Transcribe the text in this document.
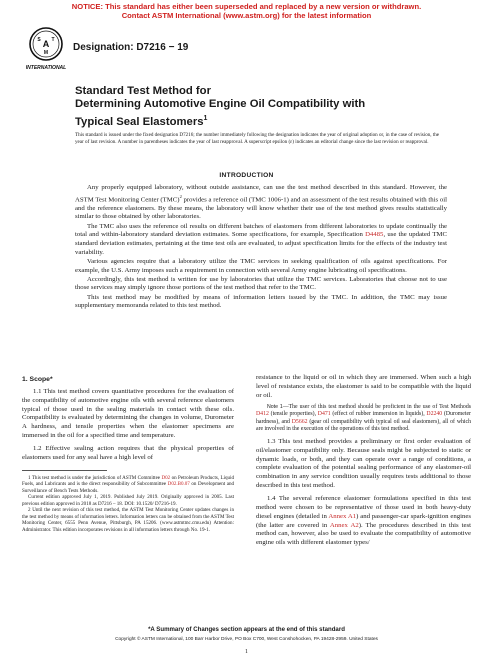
NOTICE: This standard has either been superseded and replaced by a new version or withdrawn.
Contact ASTM International (www.astm.org) for the latest information
A
S T
M
INTERNATIONAL
Designation: D7216 − 19
Standard Test Method for
Determining Automotive Engine Oil Compatibility with
Typical Seal Elastomers$^1$
This standard is issued under the fixed designation D7216; the number immediately following the designation indicates the year of original adoption or, in the case of revision, the year of last revision. A number in parentheses indicates the year of last reapproval. A superscript epsilon (ε) indicates an editorial change since the last revision or reapproval.
INTRODUCTION

Any properly equipped laboratory, without outside assistance, can use the test method described in this standard. However, the ASTM Test Monitoring Center (TMC)$^2$ provides a reference oil (TMC 1006-1) and an assessment of the test results obtained with this oil and the reference elastomers. By these means, the laboratory will know whether their use of the test method gives results statistically similar to those obtained by other laboratories.

The TMC also uses the reference oil results on different batches of elastomers from different laboratories to update continually the total and within-laboratory standard deviation estimates. Some specifications, for example, Specification D4485, use the updated TMC standard deviation estimates, pertaining at the time test oils are evaluated, to adjust specification limits for the effects of the industry test variability.

Various agencies require that a laboratory utilize the TMC services in seeking qualification of oils against specifications. For example, the U.S. Army imposes such a requirement in connection with several Army engine lubricating oil specifications.

Accordingly, this test method is written for use by laboratories that utilize the TMC services. Laboratories that choose not to use those services may simply ignore those portions of the test method that refer to the TMC.

This test method may be modified by means of information letters issued by the TMC. In addition, the TMC may issue supplementary memoranda related to this test method.

1. Scope*

1.1 This test method covers quantitative procedures for the evaluation of the compatibility of automotive engine oils with several reference elastomers typical of those used in the sealing materials in contact with these oils. Compatibility is evaluated by determining the changes in volume, Durometer A hardness, and tensile properties when the elastomer specimens are immersed in the oil for a specified time and temperature.

1.2 Effective sealing action requires that the physical properties of elastomers used for any seal have a high level of

1 This test method is under the jurisdiction of ASTM Committee D02 on Petroleum Products, Liquid Fuels, and Lubricants and is the direct responsibility of Subcommittee D02.B0.07 on Development and Surveillance of Bench Tests Methods.

Current edition approved July 1, 2019. Published July 2019. Originally approved in 2005. Last previous edition approved in 2018 as D7216 – 18. DOI: 10.1520/ D7216-19.

2 Until the next revision of this test method, the ASTM Test Monitoring Center updates changes in the test method by means of information letters. Information letters can be obtained from the ASTM Test Monitoring Center, 6555 Penn Avenue, Pittsburgh, PA 15206. (www.astmtmc.cmu.edu) Attention: Administrator. This edition incorporates revisions in all information letters through No. 19-1.

resistance to the liquid or oil in which they are immersed. When such a high level of resistance exists, the elastomer is said to be compatible with the liquid or oil.

Note 1—The user of this test method should be proficient in the use of Test Methods D412 (tensile properties), D471 (effect of rubber immersion in liquids), D2240 (Durometer hardness), and D5662 (gear oil compatibility with typical oil seal elastomers), all of which are involved in the execution of the operations of this test method.

1.3 This test method provides a preliminary or first order evaluation of oil/elastomer compatibility only. Because seals might be subjected to static or dynamic loads, or both, and they can operate over a range of conditions, a complete evaluation of the potential sealing performance of any elastomer-oil combination in any service condition usually requires tests additional to those described in this test method.

1.4 The several reference elastomer formulations specified in this test method were chosen to be representative of those used in both heavy-duty diesel engines (detailed in Annex A1) and passenger-car spark-ignition engines (the latter are covered in Annex A2). The procedures described in this test method can, however, also be used to evaluate the compatibility of automotive engine oils with different elastomer types/

*A Summary of Changes section appears at the end of this standard
Copyright © ASTM International, 100 Barr Harbor Drive, PO Box C700, West Conshohocken, PA 19428-2959. United States
1
